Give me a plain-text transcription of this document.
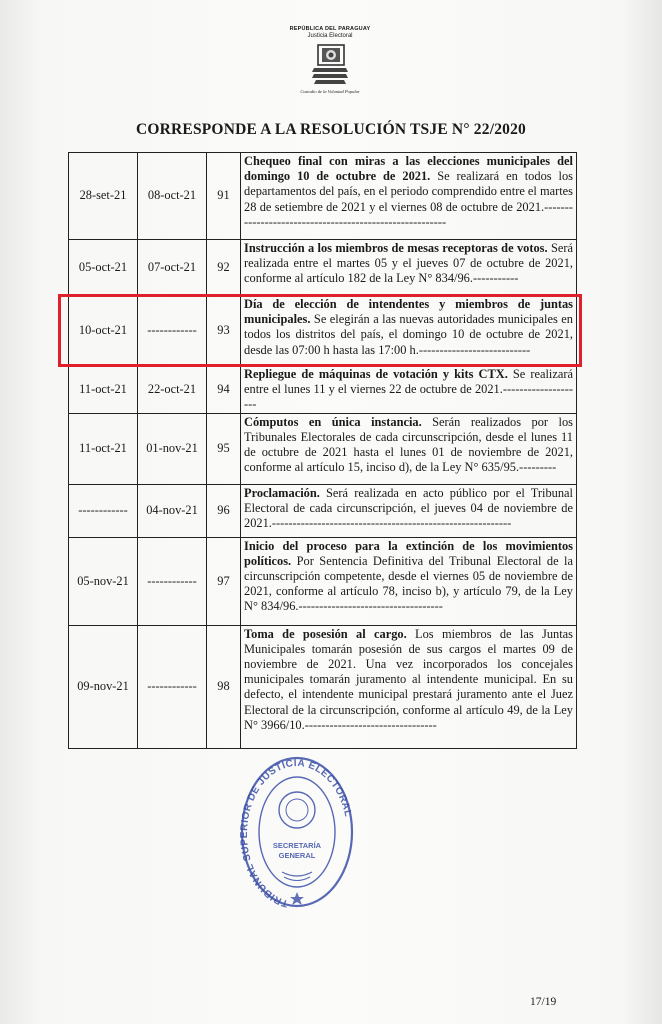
REPÚBLICA DEL PARAGUAY
Justicia Electoral
Custodio de la Voluntad Popular
CORRESPONDE A LA RESOLUCIÓN TSJE N° 22/2020
28-set-21	08-oct-21	91	Chequeo final con miras a las elecciones municipales del domingo 10 de octubre de 2021. Se realizará en todos los departamentos del país, en el periodo comprendido entre el martes 28 de setiembre de 2021 y el viernes 08 de octubre de 2021.--------------------------------------------------------
05-oct-21	07-oct-21	92	Instrucción a los miembros de mesas receptoras de votos. Será realizada entre el martes 05 y el jueves 07 de octubre de 2021, conforme al artículo 182 de la Ley N° 834/96.-----------
10-oct-21	------------	93	Día de elección de intendentes y miembros de juntas municipales. Se elegirán a las nuevas autoridades municipales en todos los distritos del país, el domingo 10 de octubre de 2021, desde las 07:00 h hasta las 17:00 h.---------------------------
11-oct-21	22-oct-21	94	Repliegue de máquinas de votación y kits CTX. Se realizará entre el lunes 11 y el viernes 22 de octubre de 2021.--------------------
11-oct-21	01-nov-21	95	Cómputos en única instancia. Serán realizados por los Tribunales Electorales de cada circunscripción, desde el lunes 11 de octubre de 2021 hasta el lunes 01 de noviembre de 2021, conforme al artículo 15, inciso d), de la Ley N° 635/95.---------
------------	04-nov-21	96	Proclamación. Será realizada en acto público por el Tribunal Electoral de cada circunscripción, el jueves 04 de noviembre de 2021.----------------------------------------------------------
05-nov-21	------------	97	Inicio del proceso para la extinción de los movimientos políticos. Por Sentencia Definitiva del Tribunal Electoral de la circunscripción competente, desde el viernes 05 de noviembre de 2021, conforme al artículo 78, inciso b), y artículo 79, de la Ley N° 834/96.-----------------------------------
09-nov-21	------------	98	Toma de posesión al cargo. Los miembros de las Juntas Municipales tomarán posesión de sus cargos el martes 09 de noviembre de 2021. Una vez incorporados los concejales municipales tomarán juramento al intendente municipal. En su defecto, el intendente municipal prestará juramento ante el Juez Electoral de la circunscripción, conforme al artículo 49, de la Ley N° 3966/10.--------------------------------
TRIBUNAL SUPERIOR DE JUSTICIA ELECTORAL
SECRETARÍA
GENERAL
17/19
